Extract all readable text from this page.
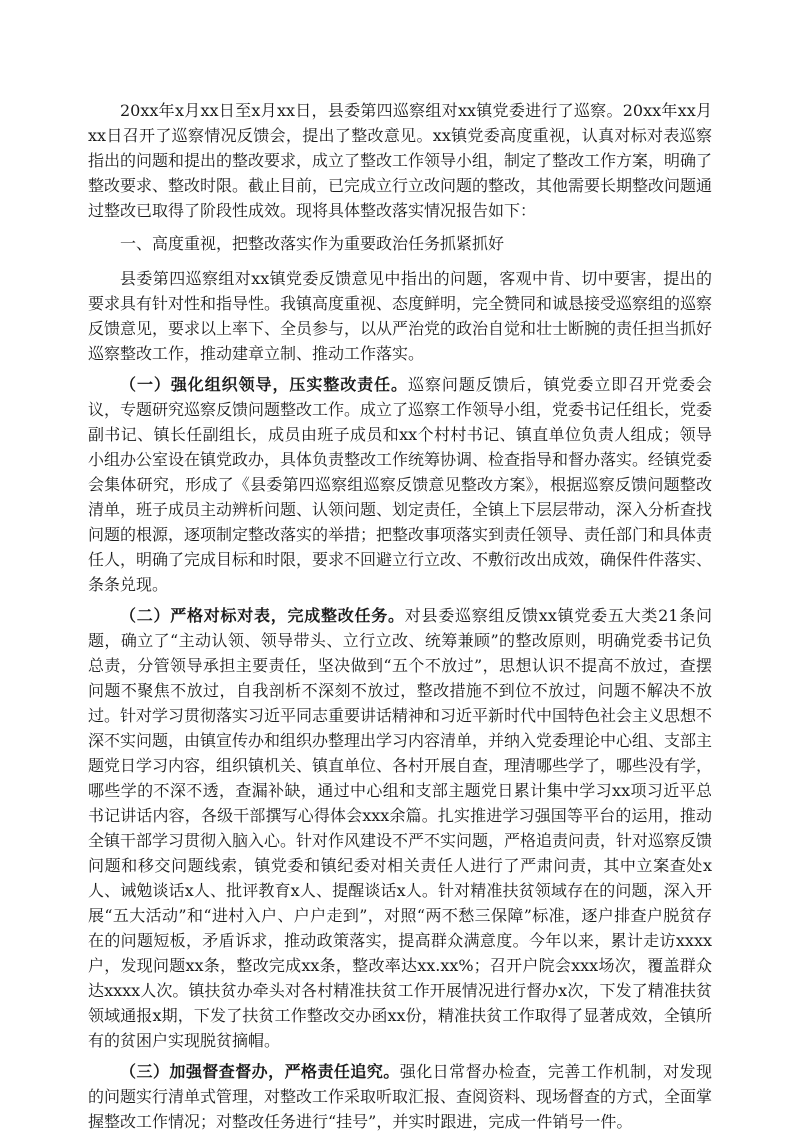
20xx年x月xx日至x月xx日，县委第四巡察组对xx镇党委进行了巡察。20xx年xx月xx日召开了巡察情况反馈会，提出了整改意见。xx镇党委高度重视，认真对标对表巡察指出的问题和提出的整改要求，成立了整改工作领导小组，制定了整改工作方案，明确了整改要求、整改时限。截止目前，已完成立行立改问题的整改，其他需要长期整改问题通过整改已取得了阶段性成效。现将具体整改落实情况报告如下：

一、高度重视，把整改落实作为重要政治任务抓紧抓好

县委第四巡察组对xx镇党委反馈意见中指出的问题，客观中肯、切中要害，提出的要求具有针对性和指导性。我镇高度重视、态度鲜明，完全赞同和诚恳接受巡察组的巡察反馈意见，要求以上率下、全员参与，以从严治党的政治自觉和壮士断腕的责任担当抓好巡察整改工作，推动建章立制、推动工作落实。

（一）强化组织领导，压实整改责任。巡察问题反馈后，镇党委立即召开党委会议，专题研究巡察反馈问题整改工作。成立了巡察工作领导小组，党委书记任组长，党委副书记、镇长任副组长，成员由班子成员和xx个村村书记、镇直单位负责人组成；领导小组办公室设在镇党政办，具体负责整改工作统筹协调、检查指导和督办落实。经镇党委会集体研究，形成了《县委第四巡察组巡察反馈意见整改方案》，根据巡察反馈问题整改清单，班子成员主动辨析问题、认领问题、划定责任，全镇上下层层带动，深入分析查找问题的根源，逐项制定整改落实的举措；把整改事项落实到责任领导、责任部门和具体责任人，明确了完成目标和时限，要求不回避立行立改、不敷衍改出成效，确保件件落实、条条兑现。

（二）严格对标对表，完成整改任务。对县委巡察组反馈xx镇党委五大类21条问题，确立了“主动认领、领导带头、立行立改、统筹兼顾”的整改原则，明确党委书记负总责，分管领导承担主要责任，坚决做到“五个不放过”，思想认识不提高不放过，查摆问题不聚焦不放过，自我剖析不深刻不放过，整改措施不到位不放过，问题不解决不放过。针对学习贯彻落实习近平同志重要讲话精神和习近平新时代中国特色社会主义思想不深不实问题，由镇宣传办和组织办整理出学习内容清单，并纳入党委理论中心组、支部主题党日学习内容，组织镇机关、镇直单位、各村开展自查，理清哪些学了，哪些没有学，哪些学的不深不透，查漏补缺，通过中心组和支部主题党日累计集中学习xx项习近平总书记讲话内容，各级干部撰写心得体会xxx余篇。扎实推进学习强国等平台的运用，推动全镇干部学习贯彻入脑入心。针对作风建设不严不实问题，严格追责问责，针对巡察反馈问题和移交问题线索，镇党委和镇纪委对相关责任人进行了严肃问责，其中立案查处x人、诫勉谈话x人、批评教育x人、提醒谈话x人。针对精准扶贫领域存在的问题，深入开展“五大活动”和“进村入户、户户走到”，对照“两不愁三保障”标准，逐户排查户脱贫存在的问题短板，矛盾诉求，推动政策落实，提高群众满意度。今年以来，累计走访xxxx户，发现问题xx条，整改完成xx条，整改率达xx.xx%；召开户院会xxx场次，覆盖群众达xxxx人次。镇扶贫办牵头对各村精准扶贫工作开展情况进行督办x次，下发了精准扶贫领域通报x期，下发了扶贫工作整改交办函xx份，精准扶贫工作取得了显著成效，全镇所有的贫困户实现脱贫摘帽。

（三）加强督查督办，严格责任追究。强化日常督办检查，完善工作机制，对发现的问题实行清单式管理，对整改工作采取听取汇报、查阅资料、现场督查的方式，全面掌握整改工作情况；对整改任务进行“挂号”，并实时跟进，完成一件销号一件。
